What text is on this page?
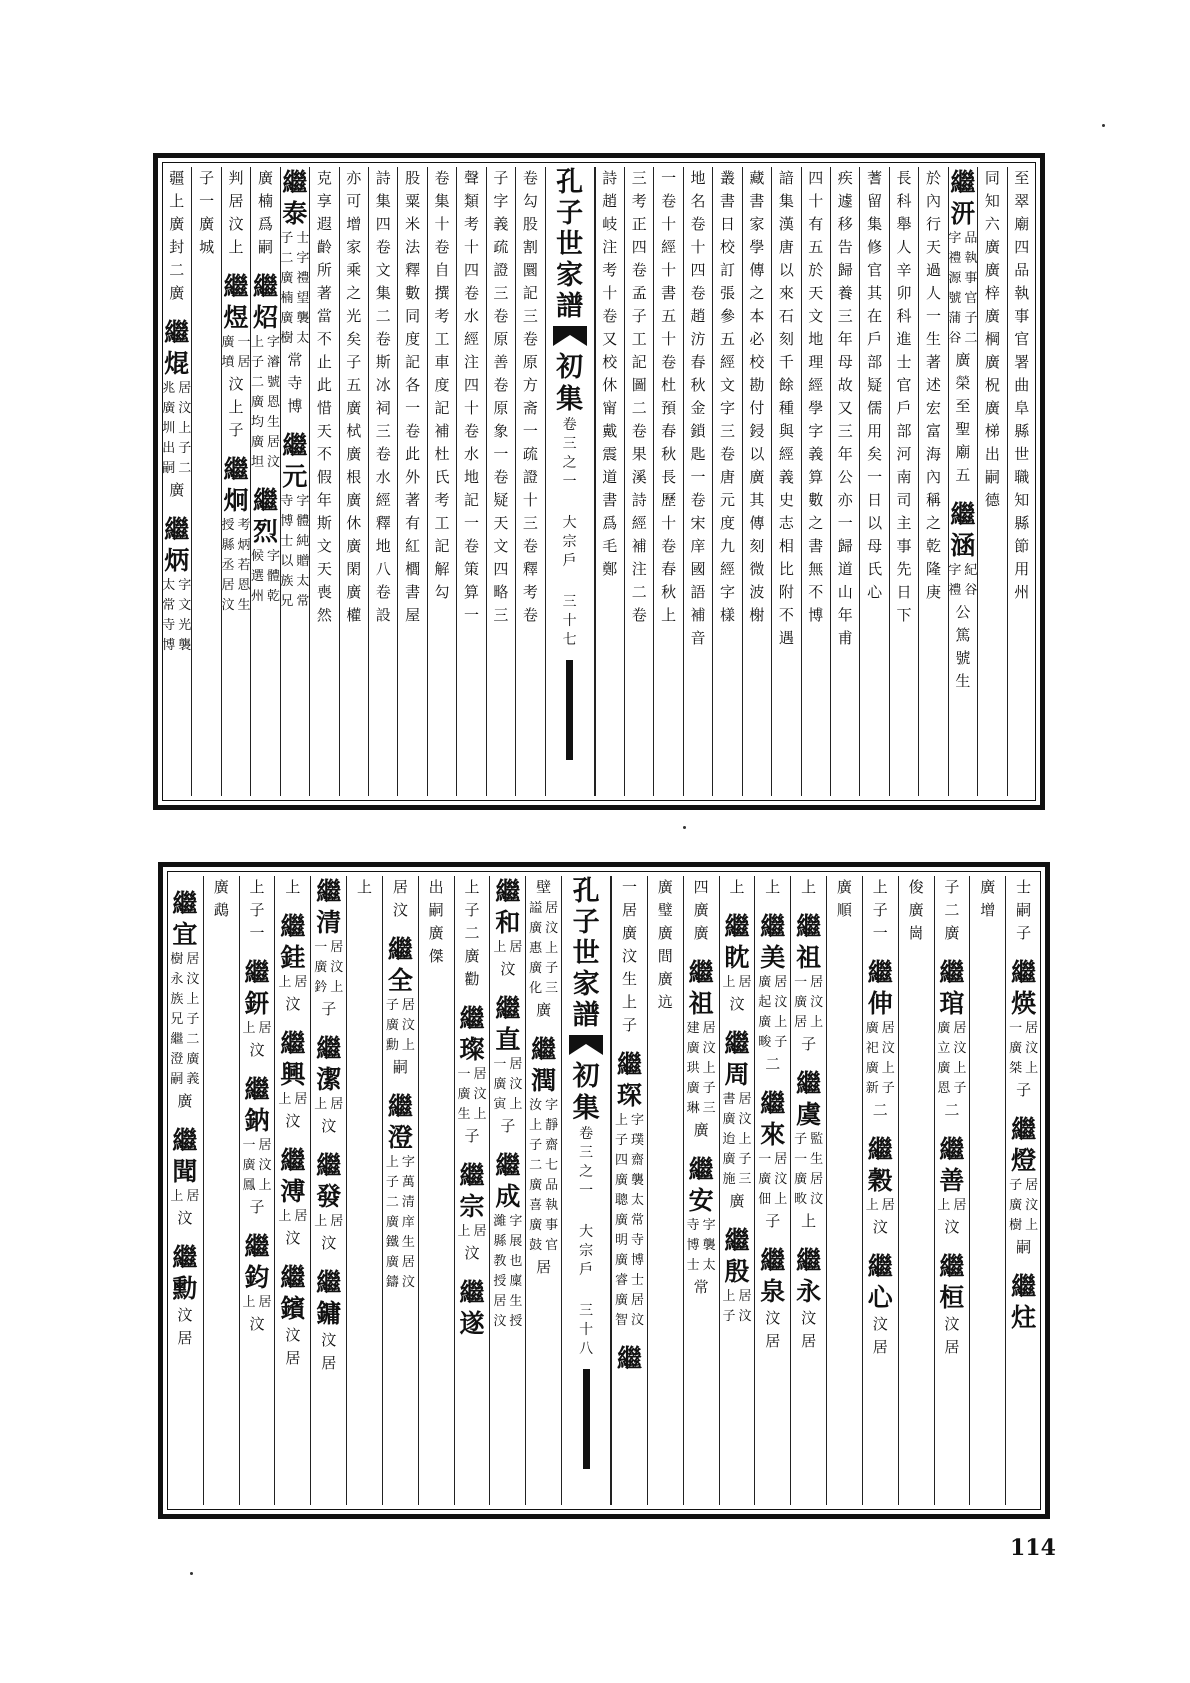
疆
上
廣
封
二
廣
繼
焜
兆 居
廣 汶
圳 上
出 子
嗣 二
廣
繼
炳
太 字
常 文
寺 光
博 襲
子
一
廣
城
判
居
汶
上
繼
煜
廣 一
墳 居
汶
上
子
繼
炯
授 考
縣 炳
丞 若
居 恩
汶 生
廣
楠
爲
嗣
繼
炤
上 字
子 濬
二 號
廣 恩
均 生
廣 居
坦 汶
繼
烈
候 字
選 體
州 乾
繼
泰
子 士
二 字
廣 禮
楠 望
廣 襲
樹 太
常
寺
博
繼
元
寺 字
博 體
士 純
以 贈
族 太
兄 常
克
享
遐
齡
所
著
當
不
止
此
惜
天
不
假
年
斯
文
天
喪
然
亦
可
增
家
乘
之
光
矣
子
五
廣
栻
廣
根
廣
休
廣
閑
廣
權
詩
集
四
卷
文
集
二
卷
斯
冰
祠
三
卷
水
經
釋
地
八
卷
設
股
粟
米
法
釋
數
同
度
記
各
一
卷
此
外
著
有
紅
櫚
書
屋
卷
集
十
卷
自
撰
考
工
車
度
記
補
杜
氏
考
工
記
解
勾
聲
類
考
十
四
卷
水
經
注
四
十
卷
水
地
記
一
卷
策
算
一
子
字
義
疏
證
三
卷
原
善
卷
原
象
一
卷
疑
天
文
四
略
三
卷
勾
股
割
圜
記
三
卷
原
方
斋
一
疏
證
十
三
卷
釋
考
卷
孔
子
世
家
譜
初
集
卷
三
之
一
大
宗
戶
三
十
七
詩
趙
岐
注
考
十
卷
又
校
休
甯
戴
震
道
書
爲
毛
鄭
三
考
正
四
卷
孟
子
工
記
圖
二
卷
果
溪
詩
經
補
注
二
卷
一
卷
十
經
十
書
五
十
卷
杜
預
春
秋
長
歷
十
卷
春
秋
上
地
名
卷
十
四
卷
趙
汸
春
秋
金
鎖
匙
一
卷
宋
庠
國
語
補
音
叢
書
日
校
訂
張
參
五
經
文
字
三
卷
唐
元
度
九
經
字
樣
藏
書
家
學
傳
之
本
必
校
勘
付
鋟
以
廣
其
傳
刻
微
波
榭
諳
集
漢
唐
以
來
石
刻
千
餘
種
與
經
義
史
志
相
比
附
不
遇
四
十
有
五
於
天
文
地
理
經
學
字
義
算
數
之
書
無
不
博
疾
遽
移
告
歸
養
三
年
母
故
又
三
年
公
亦
一
歸
道
山
年
甫
蓍
留
集
修
官
其
在
戶
部
疑
儒
用
矣
一
日
以
母
氏
心
長
科
舉
人
辛
卯
科
進
士
官
戶
部
河
南
司
主
事
先
日
下
於
內
行
天
過
人
一
生
著
述
宏
富
海
內
稱
之
乾
隆
庚
繼
汧
字 品
禮 執
源 事
號 官
蒲 子
谷 二
廣
榮
至
聖
廟
五
繼
涵
字 紀
禮 谷
公
篤
號
生
同
知
六
廣
廣
梓
廣
棡
廣
柷
廣
梯
出
嗣
德
至
翠
廟
四
品
執
事
官
署
曲
阜
縣
世
職
知
縣
節
用
州
繼
宜
樹 居
永 汶
族 上
兄 子
繼 二
澄 廣
嗣 義
廣
繼
聞
上 居
汶
繼
勳
汶
居
廣
鵡
上
子
一
繼
鈃
上 居
汶
繼
鈉
一 居
廣 汶
鳳 上
子
繼
鈞
上 居
汶
上
繼
銈
上 居
汶
繼
興
上 居
汶
繼
溥
上 居
汶
繼
鑌
汶
居
繼
清
一 居
廣 汶
鈐 上
子
繼
潔
上 居
汶
繼
發
上 居
汶
繼
鏞
汶
居
上 居
汶
繼
全
子 居
廣 汶
勳 上
嗣
繼
澄
上 字
子 萬
二 清
廣 庠
鐵 生
廣 居
鑄 汶
出
嗣
廣
傑
上
子
二
廣
勸
繼
璨
一 居
廣 汶
生 上
子
繼
宗
上 居
汶
繼
遂
繼
和
上 居
汶
繼
直
一 居
廣 汶
寅 上
子
繼
成
濰 字
縣 展
教 也
授 廩
居 生
汶 授
壁
謚 居
廣 汶
惠 上
廣 子
化 三
廣
繼
潤
汝 字
上 靜
子 齋
二 七
廣 品
喜 執
廣 事
鼓 官
居
孔
子
世
家
譜
初
集
卷
三
之
一
大
宗
戶
三
十
八
一
居
廣
汶
生
上
子
繼
琛
上 字
子 璞
四 齋
廣 襲
聰 太
廣 常
明 寺
廣 博
睿 士
廣 居
智 汶
繼
廣
璧
廣
間
廣
迒
四
廣
廣
繼
祖
建 居
廣 汶
珙 上
廣 子
琳 三
廣
繼
安
寺 字
博 襲
士 太
常
上
繼
眈
上 居
汶
繼
周
書 居
廣 汶
迨 上
廣 子
施 三
廣
繼
殷
上 居
子 汶
上
繼
美
廣 居
起 汶
廣 上
畯 子
二
繼
來
一 居
廣 汶
佃 上
子
繼
泉
汶
居
上
繼
祖
一 居
廣 汶
居 上
子
繼
虞
子 監
一 生
廣 居
畋 汶
上
繼
永
汶
居
廣
順
上
子
一
繼
伸
廣 居
祀 汶
廣 上
新 子
二
繼
穀
上 居
汶
繼
心
汶
居
俊
廣
崗
子
二
廣
繼
琯
廣 居
立 汶
廣 上
恩 子
二
繼
善
上 居
汶
繼
桓
汶
居
廣
增
士
嗣
子
繼
煐
一 居
廣 汶
桀 上
子
繼
燈
子 居
廣 汶
樹 上
嗣
繼
炷
114
